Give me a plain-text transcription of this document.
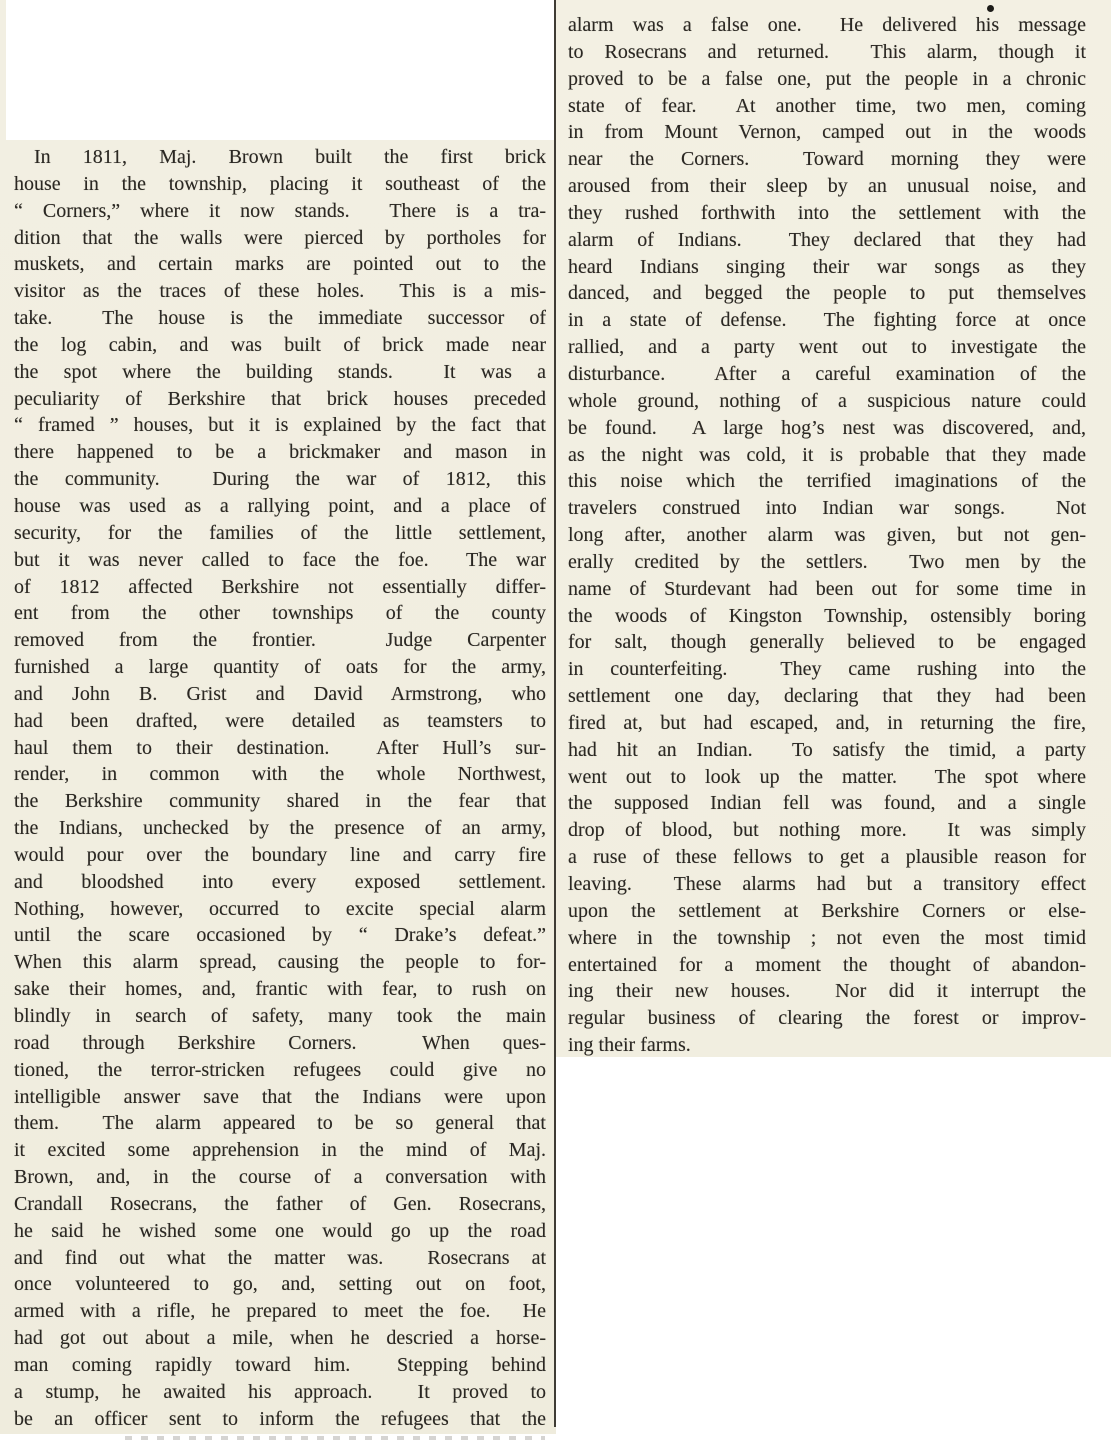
In 1811, Maj. Brown built the first brick
house in the township, placing it southeast of the
“ Corners,” where it now stands.  There is a tra-
dition that the walls were pierced by portholes for
muskets, and certain marks are pointed out to the
visitor as the traces of these holes.  This is a mis-
take.  The house is the immediate successor of
the log cabin, and was built of brick made near
the spot where the building stands.  It was a
peculiarity of Berkshire that brick houses preceded
“ framed ” houses, but it is explained by the fact that
there happened to be a brickmaker and mason in
the community.  During the war of 1812, this
house was used as a rallying point, and a place of
security, for the families of the little settlement,
but it was never called to face the foe.  The war
of 1812 affected Berkshire not essentially differ-
ent from the other townships of the county
removed from the frontier.  Judge Carpenter
furnished a large quantity of oats for the army,
and John B. Grist and David Armstrong, who
had been drafted, were detailed as teamsters to
haul them to their destination.  After Hull’s sur-
render, in common with the whole Northwest,
the Berkshire community shared in the fear that
the Indians, unchecked by the presence of an army,
would pour over the boundary line and carry fire
and bloodshed into every exposed settlement.
Nothing, however, occurred to excite special alarm
until the scare occasioned by “ Drake’s defeat.”
When this alarm spread, causing the people to for-
sake their homes, and, frantic with fear, to rush on
blindly in search of safety, many took the main
road through Berkshire Corners.  When ques-
tioned, the terror-stricken refugees could give no
intelligible answer save that the Indians were upon
them.  The alarm appeared to be so general that
it excited some apprehension in the mind of Maj.
Brown, and, in the course of a conversation with
Crandall Rosecrans, the father of Gen. Rosecrans,
he said he wished some one would go up the road
and find out what the matter was.  Rosecrans at
once volunteered to go, and, setting out on foot,
armed with a rifle, he prepared to meet the foe.  He
had got out about a mile, when he descried a horse-
man coming rapidly toward him.  Stepping behind
a stump, he awaited his approach.  It proved to
be an officer sent to inform the refugees that the
alarm was a false one.  He delivered his message
to Rosecrans and returned.  This alarm, though it
proved to be a false one, put the people in a chronic
state of fear.  At another time, two men, coming
in from Mount Vernon, camped out in the woods
near the Corners.  Toward morning they were
aroused from their sleep by an unusual noise, and
they rushed forthwith into the settlement with the
alarm of Indians.  They declared that they had
heard Indians singing their war songs as they
danced, and begged the people to put themselves
in a state of defense.  The fighting force at once
rallied, and a party went out to investigate the
disturbance.  After a careful examination of the
whole ground, nothing of a suspicious nature could
be found.  A large hog’s nest was discovered, and,
as the night was cold, it is probable that they made
this noise which the terrified imaginations of the
travelers construed into Indian war songs.  Not
long after, another alarm was given, but not gen-
erally credited by the settlers.  Two men by the
name of Sturdevant had been out for some time in
the woods of Kingston Township, ostensibly boring
for salt, though generally believed to be engaged
in counterfeiting.  They came rushing into the
settlement one day, declaring that they had been
fired at, but had escaped, and, in returning the fire,
had hit an Indian.  To satisfy the timid, a party
went out to look up the matter.  The spot where
the supposed Indian fell was found, and a single
drop of blood, but nothing more.  It was simply
a ruse of these fellows to get a plausible reason for
leaving.  These alarms had but a transitory effect
upon the settlement at Berkshire Corners or else-
where in the township ; not even the most timid
entertained for a moment the thought of abandon-
ing their new houses.  Nor did it interrupt the
regular business of clearing the forest or improv-
ing their farms.
